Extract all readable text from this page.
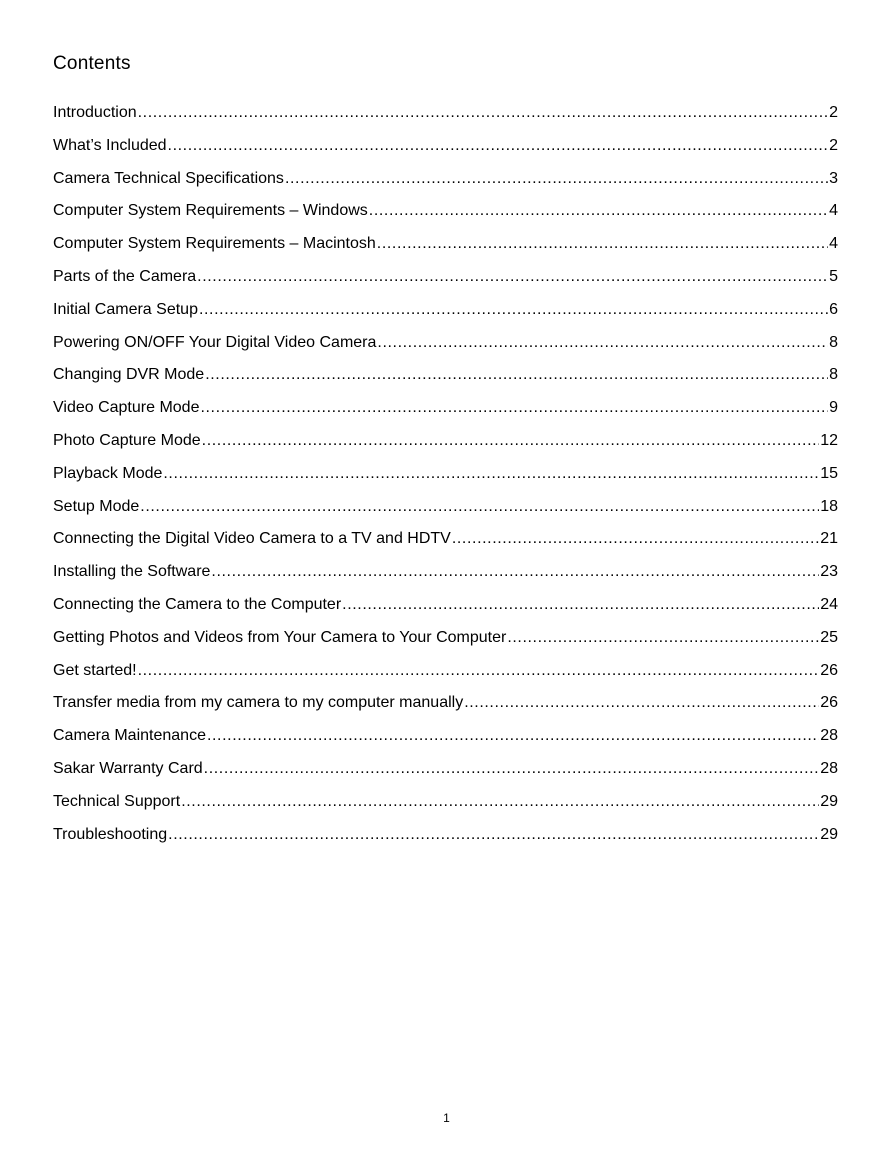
Contents
Introduction .....	2
What’s Included .....	2
Camera Technical Specifications .....	3
Computer System Requirements – Windows .....	4
Computer System Requirements – Macintosh .....	4
Parts of the Camera .....	5
Initial Camera Setup .....	6
Powering ON/OFF Your Digital Video Camera .....	8
Changing DVR Mode .....	8
Video Capture Mode .....	9
Photo Capture Mode .....	12
Playback Mode .....	15
Setup Mode .....	18
Connecting the Digital Video Camera to a TV and HDTV .....	21
Installing the Software .....	23
Connecting the Camera to the Computer .....	24
Getting Photos and Videos from Your Camera to Your Computer .....	25
Get started! .....	26
Transfer media from my camera to my computer manually .....	26
Camera Maintenance .....	28
Sakar Warranty Card .....	28
Technical Support .....	29
Troubleshooting .....	29
1
